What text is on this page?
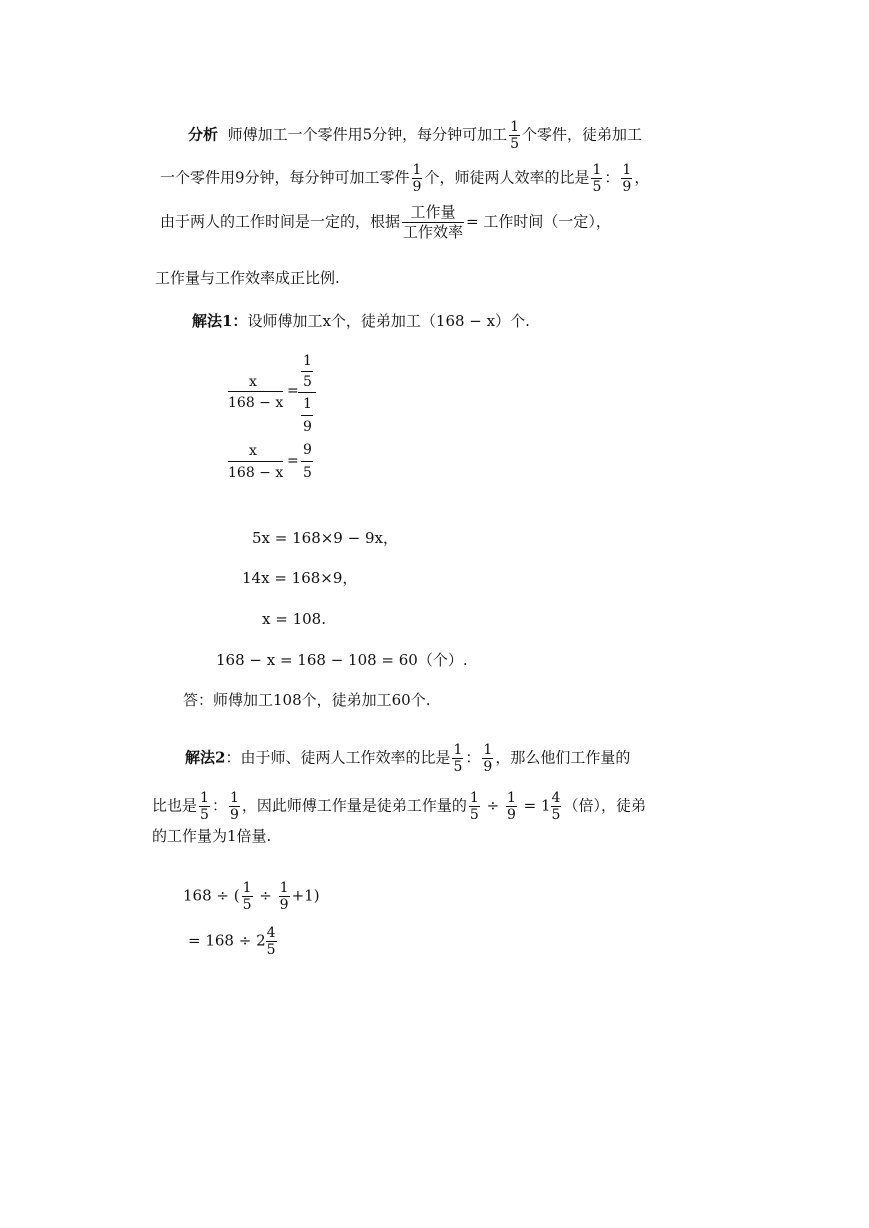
分析 师傅加工一个零件用5分钟，每分钟可加工 $\frac{1}{5}$ 个零件，徒弟加工
一个零件用9分钟，每分钟可加工零件 $\frac{1}{9}$ 个，师徒两人效率的比是 $\frac{1}{5}$ ： $\frac{1}{9}$ ，
由于两人的工作时间是一定的，根据 $\frac{\text{工作量}}{\text{工作效率}}$ = 工作时间（一定），
工作量与工作效率成正比例.
解法1：设师傅加工x个，徒弟加工（168 − x）个.
x
168 − x
=
1
5
1
9
x
168 − x
=
9
5
5x = 168×9 − 9x，
14x = 168×9，
x = 108.
168 − x = 168 − 108 = 60（个）.
答：师傅加工108个，徒弟加工60个.
解法2：由于师、徒两人工作效率的比是 $\frac{1}{5}$ ： $\frac{1}{9}$ ，那么他们工作量的
比也是 $\frac{1}{5}$ ： $\frac{1}{9}$ ，因此师傅工作量是徒弟工作量的 $\frac{1}{5} \div \frac{1}{9} = 1 \frac{4}{5}$ （倍），徒弟
的工作量为1倍量.
168 ÷ ( $\frac{1}{5} \div \frac{1}{9} +1$)
= $168 \div 2 \frac{4}{5}$
